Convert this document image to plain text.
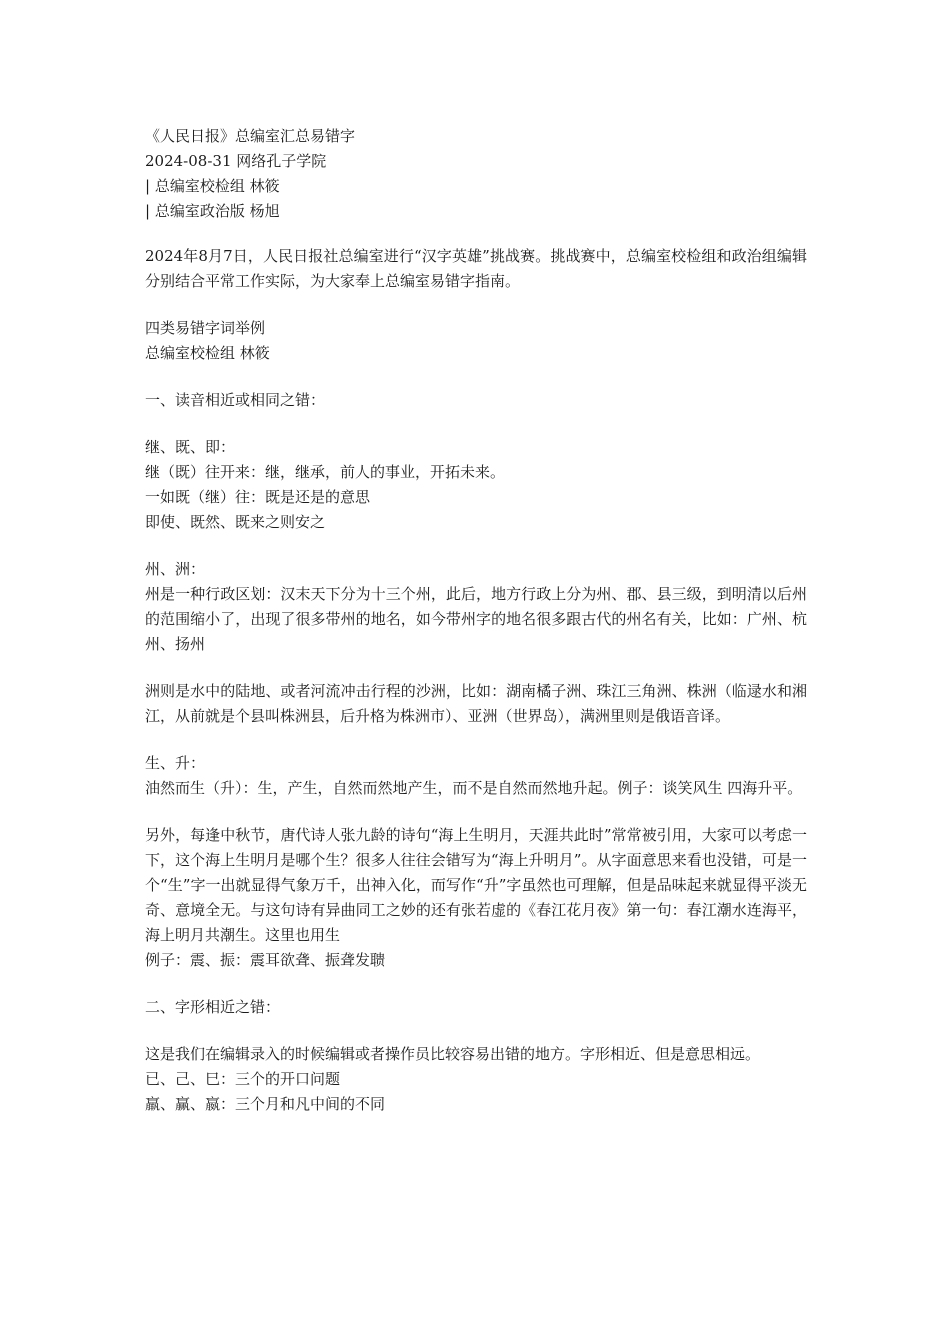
《人民日报》总编室汇总易错字
2024-08-31 网络孔子学院
| 总编室校检组 林筱
| 总编室政治版 杨旭
2024年8月7日，人民日报社总编室进行“汉字英雄”挑战赛。挑战赛中，总编室校检组和政治组编辑分别结合平常工作实际，为大家奉上总编室易错字指南。
四类易错字词举例
总编室校检组 林筱
一、读音相近或相同之错：
继、既、即：
继（既）往开来：继，继承，前人的事业，开拓未来。
一如既（继）往：既是还是的意思
即使、既然、既来之则安之
州、洲：
州是一种行政区划：汉末天下分为十三个州，此后，地方行政上分为州、郡、县三级，到明清以后州的范围缩小了，出现了很多带州的地名，如今带州字的地名很多跟古代的州名有关，比如：广州、杭州、扬州
洲则是水中的陆地、或者河流冲击行程的沙洲，比如：湖南橘子洲、珠江三角洲、株洲（临逯水和湘江，从前就是个县叫株洲县，后升格为株洲市）、亚洲（世界岛），满洲里则是俄语音译。
生、升：
油然而生（升）：生，产生，自然而然地产生，而不是自然而然地升起。例子：谈笑风生 四海升平。
另外，每逢中秋节，唐代诗人张九龄的诗句“海上生明月，天涯共此时”常常被引用，大家可以考虑一下，这个海上生明月是哪个生？很多人往往会错写为“海上升明月”。从字面意思来看也没错，可是一个“生”字一出就显得气象万千，出神入化，而写作“升”字虽然也可理解，但是品味起来就显得平淡无奇、意境全无。与这句诗有异曲同工之妙的还有张若虚的《春江花月夜》第一句：春江潮水连海平，海上明月共潮生。这里也用生
例子：震、振：震耳欲聋、振聋发聩
二、字形相近之错：
这是我们在编辑录入的时候编辑或者操作员比较容易出错的地方。字形相近、但是意思相远。
已、己、巳：三个的开口问题
羸、赢、嬴：三个月和凡中间的不同
